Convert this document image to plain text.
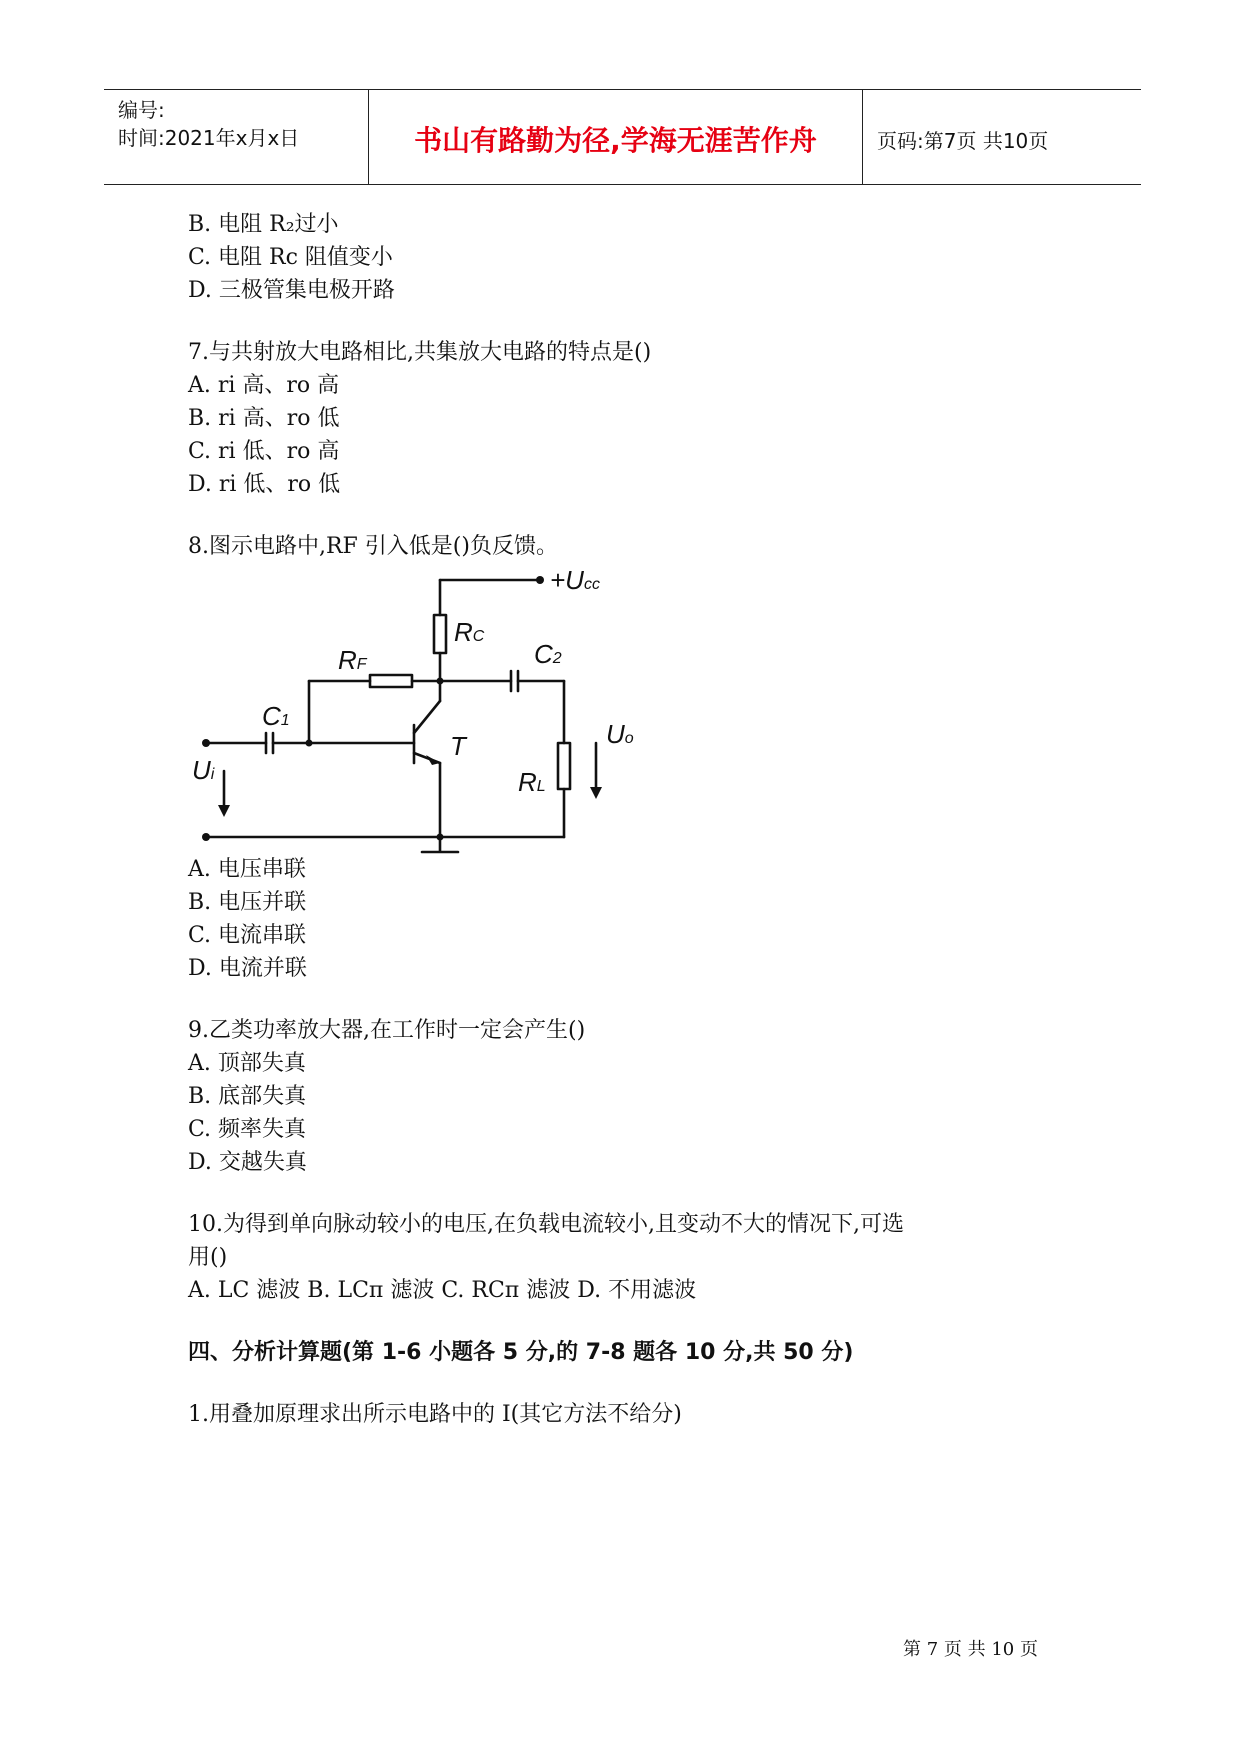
编号:
时间:2021年x月x日	书山有路勤为径,学海无涯苦作舟	页码:第7页 共10页
B. 电阻 R₂过小
C. 电阻 Rc 阻值变小
D. 三极管集电极开路
7.与共射放大电路相比,共集放大电路的特点是()
A. ri 高、ro 高
B. ri 高、ro 低
C. ri 低、ro 高
D. ri 低、ro 低
8.图示电路中,RF 引入低是()负反馈。
A. 电压串联
B. 电压并联
C. 电流串联
D. 电流并联
9.乙类功率放大器,在工作时一定会产生()
A. 顶部失真
B. 底部失真
C. 频率失真
D. 交越失真
10.为得到单向脉动较小的电压,在负载电流较小,且变动不大的情况下,可选
用()
A. LC 滤波 B. LCπ 滤波 C. RCπ 滤波 D. 不用滤波
四、分析计算题(第 1-6 小题各 5 分,的 7-8 题各 10 分,共 50 分)
1.用叠加原理求出所示电路中的 I(其它方法不给分)
+Ucc
RC
RF
C1
C2
T
RL
Ui
Uo
第 7 页 共 10 页
